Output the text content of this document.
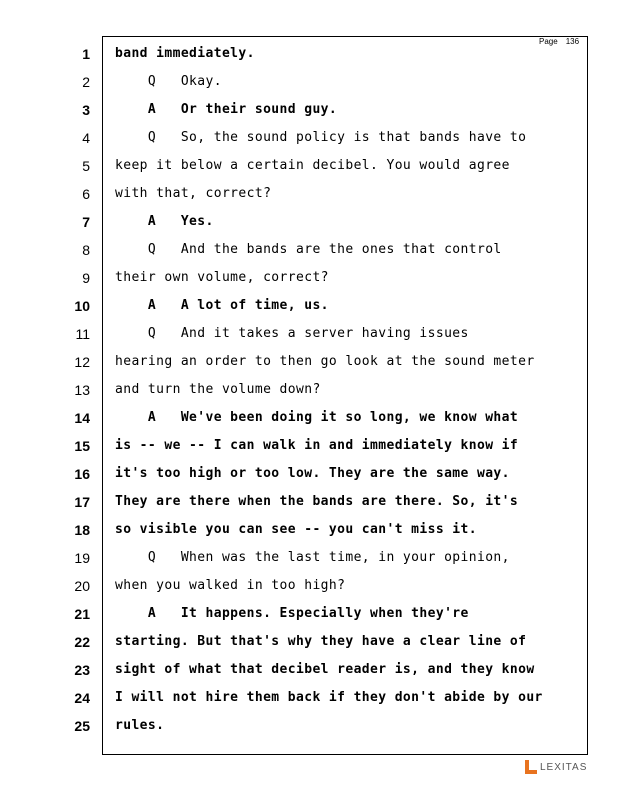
Page 136
1 band immediately.
2 Q   Okay.
3 A   Or their sound guy.
4 Q   So, the sound policy is that bands have to
5 keep it below a certain decibel. You would agree
6 with that, correct?
7 A   Yes.
8 Q   And the bands are the ones that control
9 their own volume, correct?
10 A   A lot of time, us.
11 Q   And it takes a server having issues
12 hearing an order to then go look at the sound meter
13 and turn the volume down?
14 A   We've been doing it so long, we know what
15 is -- we -- I can walk in and immediately know if
16 it's too high or too low. They are the same way.
17 They are there when the bands are there. So, it's
18 so visible you can see -- you can't miss it.
19 Q   When was the last time, in your opinion,
20 when you walked in too high?
21 A   It happens. Especially when they're
22 starting. But that's why they have a clear line of
23 sight of what that decibel reader is, and they know
24 I will not hire them back if they don't abide by our
25 rules.
LEXITAS
